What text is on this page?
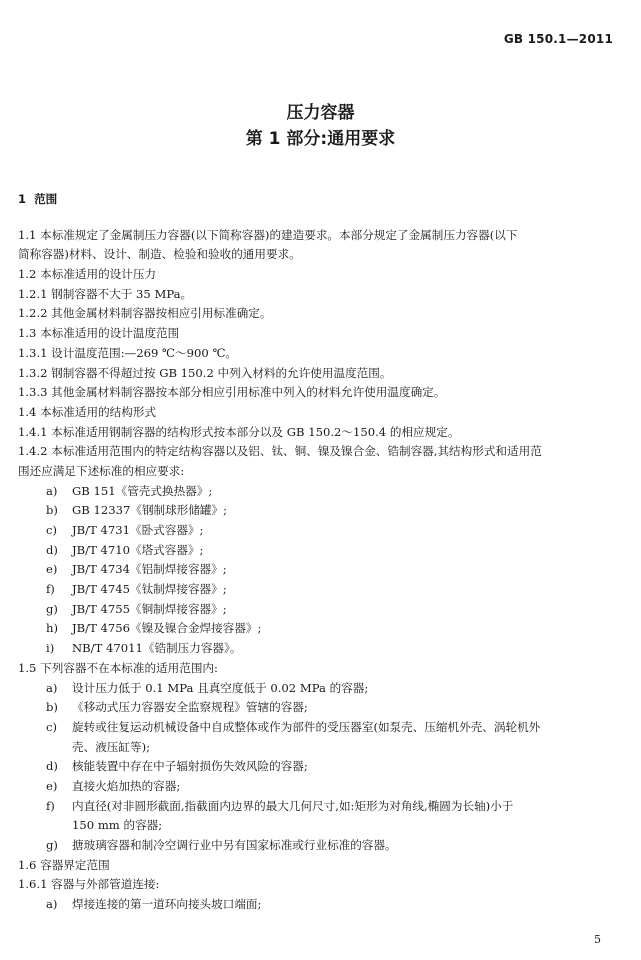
GB 150.1—2011
压力容器
第 1 部分:通用要求
1 范围
1.1 本标准规定了金属制压力容器(以下简称容器)的建造要求。本部分规定了金属制压力容器(以下
简称容器)材料、设计、制造、检验和验收的通用要求。
1.2 本标准适用的设计压力
1.2.1 钢制容器不大于 35 MPa。
1.2.2 其他金属材料制容器按相应引用标准确定。
1.3 本标准适用的设计温度范围
1.3.1 设计温度范围:—269 ℃～900 ℃。
1.3.2 钢制容器不得超过按 GB 150.2 中列入材料的允许使用温度范围。
1.3.3 其他金属材料制容器按本部分相应引用标准中列入的材料允许使用温度确定。
1.4 本标准适用的结构形式
1.4.1 本标准适用钢制容器的结构形式按本部分以及 GB 150.2～150.4 的相应规定。
1.4.2 本标准适用范围内的特定结构容器以及铝、钛、铜、镍及镍合金、锆制容器,其结构形式和适用范
围还应满足下述标准的相应要求:
a) GB 151《管壳式换热器》;
b) GB 12337《钢制球形储罐》;
c) JB/T 4731《卧式容器》;
d) JB/T 4710《塔式容器》;
e) JB/T 4734《铝制焊接容器》;
f) JB/T 4745《钛制焊接容器》;
g) JB/T 4755《铜制焊接容器》;
h) JB/T 4756《镍及镍合金焊接容器》;
i) NB/T 47011《锆制压力容器》。
1.5 下列容器不在本标准的适用范围内:
a) 设计压力低于 0.1 MPa 且真空度低于 0.02 MPa 的容器;
b) 《移动式压力容器安全监察规程》管辖的容器;
c) 旋转或往复运动机械设备中自成整体或作为部件的受压器室(如泵壳、压缩机外壳、涡轮机外
壳、液压缸等);
d) 核能装置中存在中子辐射损伤失效风险的容器;
e) 直接火焰加热的容器;
f) 内直径(对非圆形截面,指截面内边界的最大几何尺寸,如:矩形为对角线,椭圆为长轴)小于
150 mm 的容器;
g) 搪玻璃容器和制冷空调行业中另有国家标准或行业标准的容器。
1.6 容器界定范围
1.6.1 容器与外部管道连接:
a) 焊接连接的第一道环向接头坡口端面;
5
